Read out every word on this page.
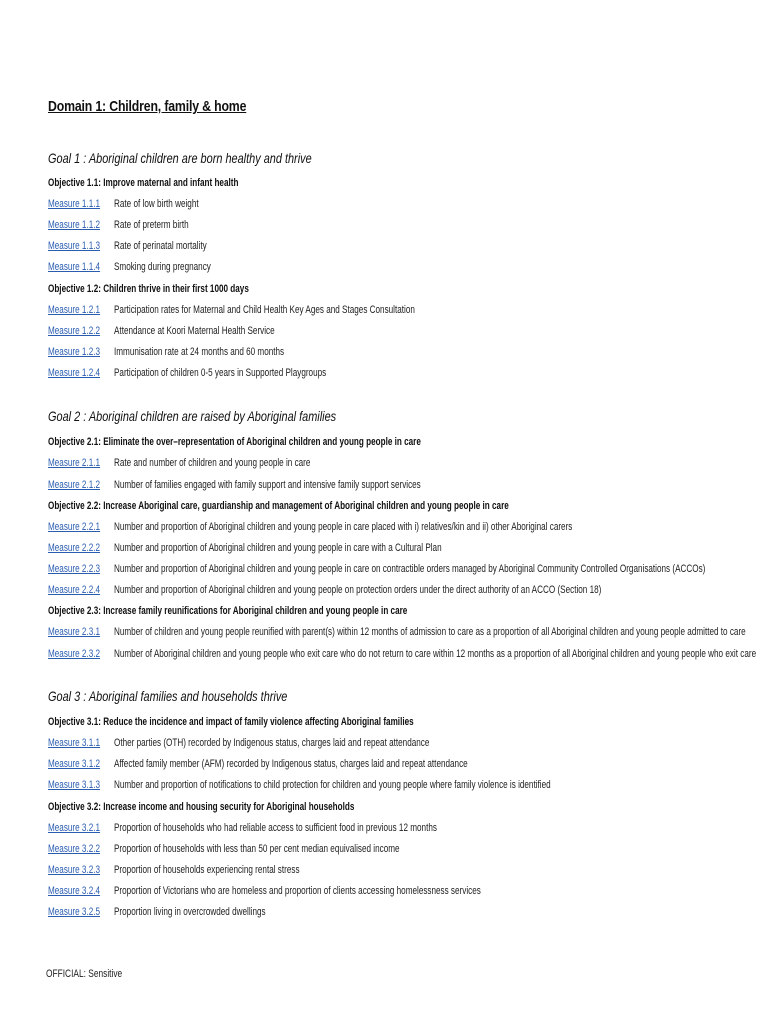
Domain 1: Children, family & home
Goal 1 : Aboriginal children are born healthy and thrive
Objective 1.1: Improve maternal and infant health
Measure 1.1.1 Rate of low birth weight
Measure 1.1.2 Rate of preterm birth
Measure 1.1.3 Rate of perinatal mortality
Measure 1.1.4 Smoking during pregnancy
Objective 1.2: Children thrive in their first 1000 days
Measure 1.2.1 Participation rates for Maternal and Child Health Key Ages and Stages Consultation
Measure 1.2.2 Attendance at Koori Maternal Health Service
Measure 1.2.3 Immunisation rate at 24 months and 60 months
Measure 1.2.4 Participation of children 0-5 years in Supported Playgroups
Goal 2 : Aboriginal children are raised by Aboriginal families
Objective 2.1: Eliminate the over–representation of Aboriginal children and young people in care
Measure 2.1.1 Rate and number of children and young people in care
Measure 2.1.2 Number of families engaged with family support and intensive family support services
Objective 2.2: Increase Aboriginal care, guardianship and management of Aboriginal children and young people in care
Measure 2.2.1 Number and proportion of Aboriginal children and young people in care placed with i) relatives/kin and ii) other Aboriginal carers
Measure 2.2.2 Number and proportion of Aboriginal children and young people in care with a Cultural Plan
Measure 2.2.3 Number and proportion of Aboriginal children and young people in care on contractible orders managed by Aboriginal Community Controlled Organisations (ACCOs)
Measure 2.2.4 Number and proportion of Aboriginal children and young people on protection orders under the direct authority of an ACCO (Section 18)
Objective 2.3: Increase family reunifications for Aboriginal children and young people in care
Measure 2.3.1 Number of children and young people reunified with parent(s) within 12 months of admission to care as a proportion of all Aboriginal children and young people admitted to care
Measure 2.3.2 Number of Aboriginal children and young people who exit care who do not return to care within 12 months as a proportion of all Aboriginal children and young people who exit care
Goal 3 : Aboriginal families and households thrive
Objective 3.1: Reduce the incidence and impact of family violence affecting Aboriginal families
Measure 3.1.1 Other parties (OTH) recorded by Indigenous status, charges laid and repeat attendance
Measure 3.1.2 Affected family member (AFM) recorded by Indigenous status, charges laid and repeat attendance
Measure 3.1.3 Number and proportion of notifications to child protection for children and young people where family violence is identified
Objective 3.2: Increase income and housing security for Aboriginal households
Measure 3.2.1 Proportion of households who had reliable access to sufficient food in previous 12 months
Measure 3.2.2 Proportion of households with less than 50 per cent median equivalised income
Measure 3.2.3 Proportion of households experiencing rental stress
Measure 3.2.4 Proportion of Victorians who are homeless and proportion of clients accessing homelessness services
Measure 3.2.5 Proportion living in overcrowded dwellings
OFFICIAL: Sensitive
